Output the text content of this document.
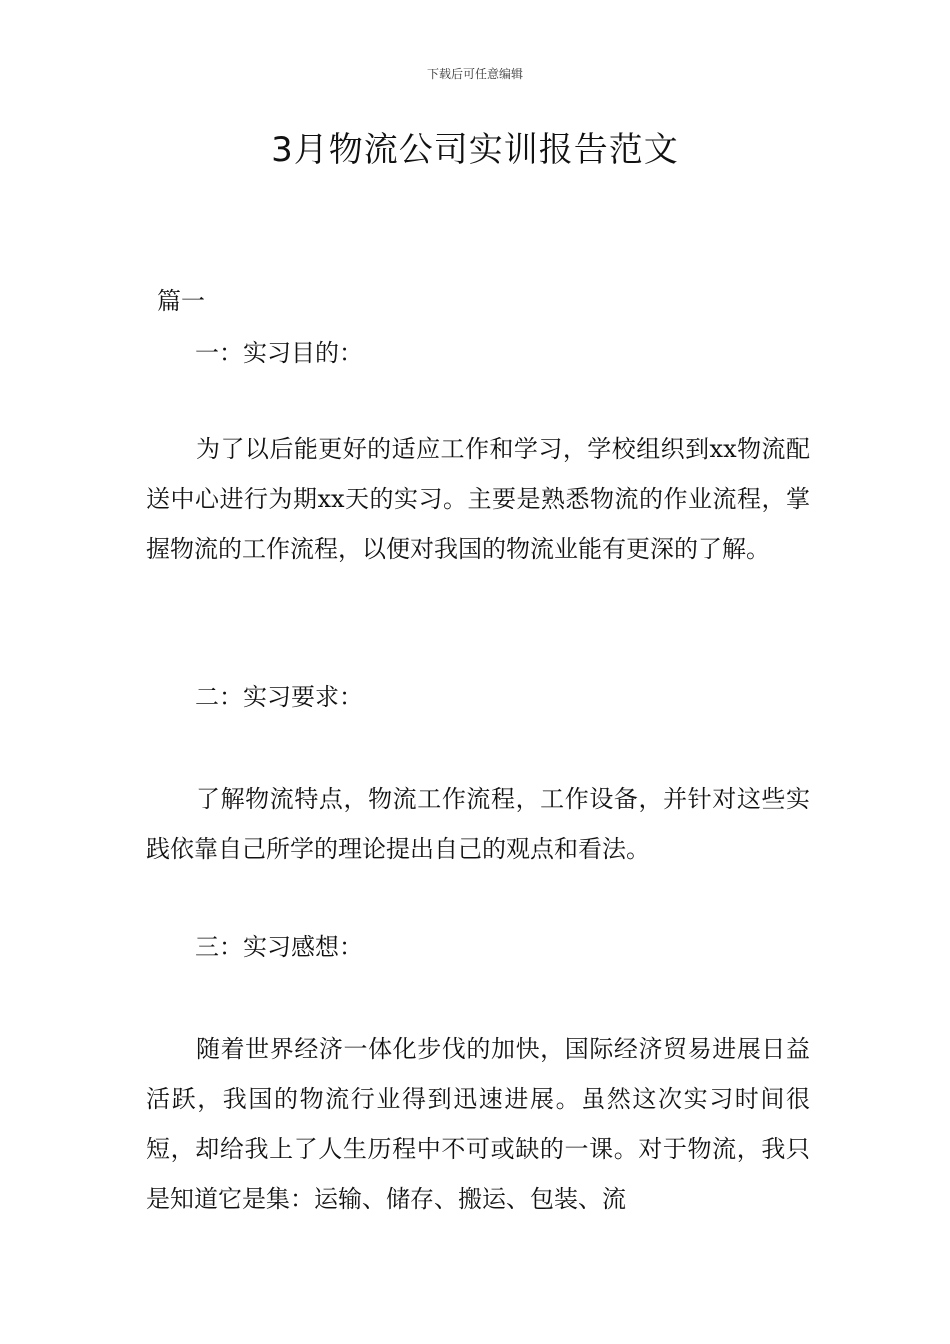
下载后可任意编辑
3月物流公司实训报告范文
篇一
一：实习目的：

为了以后能更好的适应工作和学习，学校组织到xx物流配送中心进行为期xx天的实习。主要是熟悉物流的作业流程，掌握物流的工作流程，以便对我国的物流业能有更深的了解。

二：实习要求：

了解物流特点，物流工作流程，工作设备，并针对这些实践依靠自己所学的理论提出自己的观点和看法。

三：实习感想：

随着世界经济一体化步伐的加快，国际经济贸易进展日益活跃，我国的物流行业得到迅速进展。虽然这次实习时间很短，却给我上了人生历程中不可或缺的一课。对于物流，我只是知道它是集：运输、储存、搬运、包装、流
